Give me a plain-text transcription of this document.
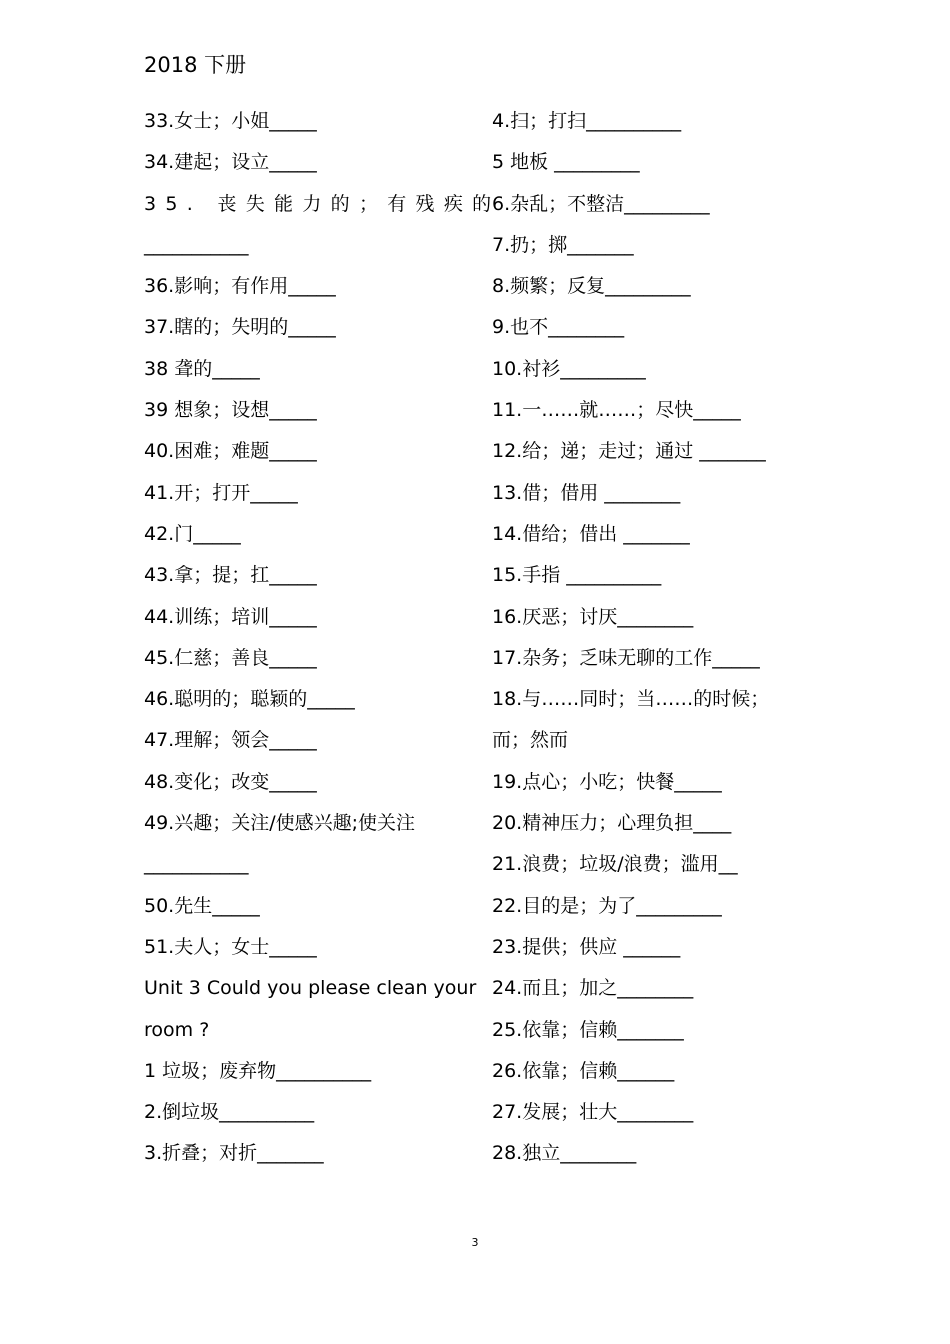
2018 下册
33.女士；小姐_____
34.建起；设立_____
35. 丧失能力的；有残疾的
___________
36.影响；有作用_____
37.瞎的；失明的_____
38 聋的_____
39 想象；设想_____
40.困难；难题_____
41.开；打开_____
42.门_____
43.拿；提；扛_____
44.训练；培训_____
45.仁慈；善良_____
46.聪明的；聪颖的_____
47.理解；领会_____
48.变化；改变_____
49.兴趣；关注/使感兴趣;使关注
___________
50.先生_____
51.夫人；女士_____
Unit 3 Could you please clean your
room ?
1 垃圾；废弃物__________
2.倒垃圾__________
3.折叠；对折_______
4.扫；打扫__________
5 地板 _________
6.杂乱；不整洁_________
7.扔；掷_______
8.频繁；反复_________
9.也不________
10.衬衫_________
11.一……就……；尽快_____
12.给；递；走过；通过 _______
13.借；借用 ________
14.借给；借出 _______
15.手指 __________
16.厌恶；讨厌________
17.杂务；乏味无聊的工作_____
18.与……同时；当……的时候；
而；然而
19.点心；小吃；快餐_____
20.精神压力；心理负担____
21.浪费；垃圾/浪费；滥用__
22.目的是；为了_________
23.提供；供应 ______
24.而且；加之________
25.依靠；信赖_______
26.依靠；信赖______
27.发展；壮大________
28.独立________
3
